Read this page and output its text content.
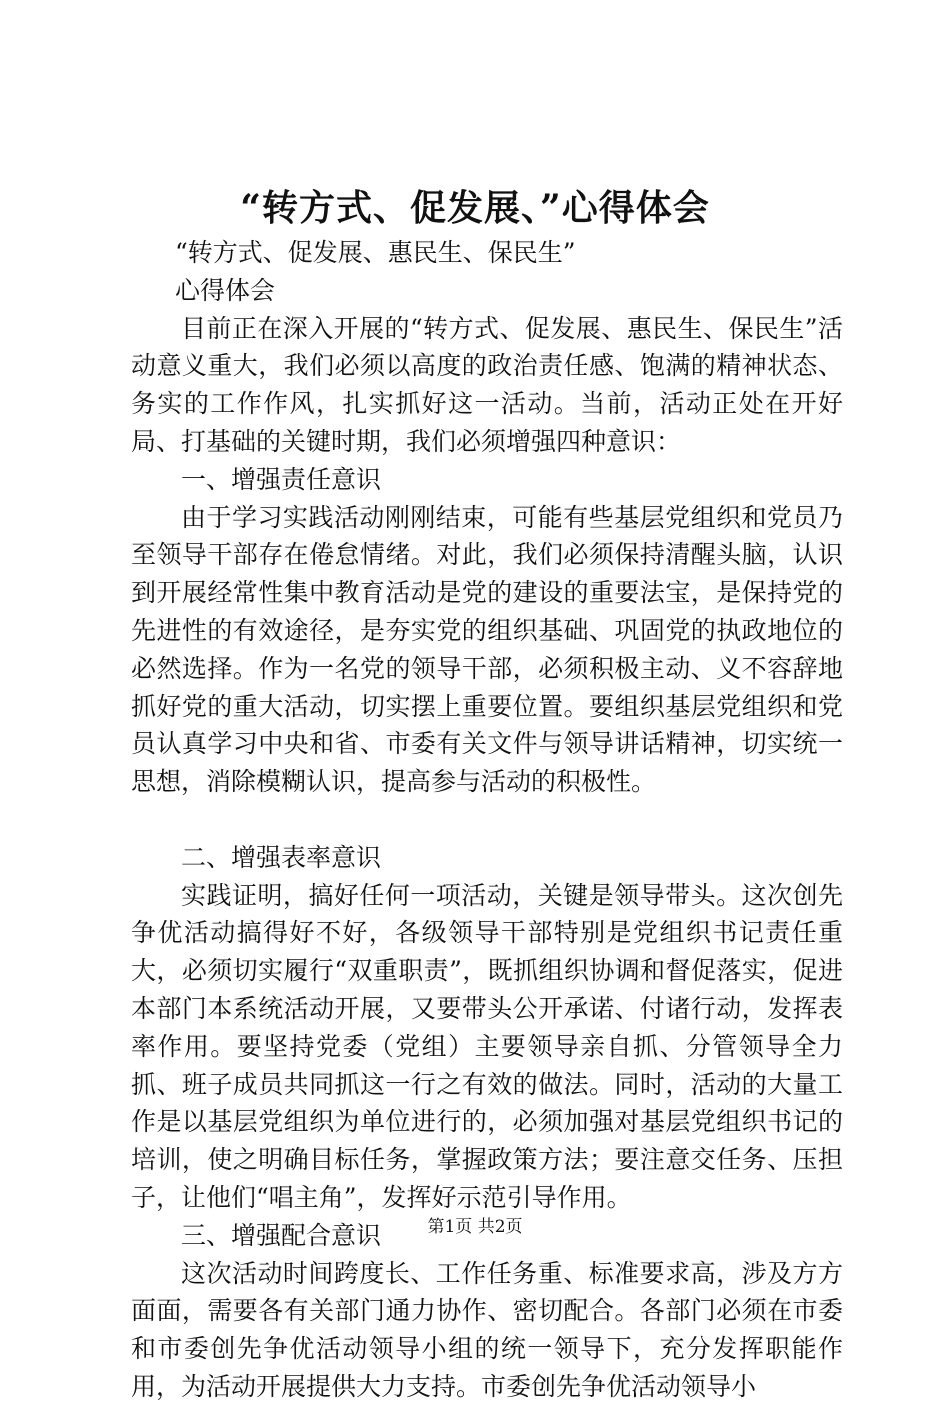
“转方式、促发展、”心得体会

“转方式、促发展、惠民生、保民生”

心得体会

目前正在深入开展的“转方式、促发展、惠民生、保民生”活动意义重大，我们必须以高度的政治责任感、饱满的精神状态、务实的工作作风，扎实抓好这一活动。当前，活动正处在开好局、打基础的关键时期，我们必须增强四种意识：

一、增强责任意识

由于学习实践活动刚刚结束，可能有些基层党组织和党员乃至领导干部存在倦怠情绪。对此，我们必须保持清醒头脑，认识到开展经常性集中教育活动是党的建设的重要法宝，是保持党的先进性的有效途径，是夯实党的组织基础、巩固党的执政地位的必然选择。作为一名党的领导干部，必须积极主动、义不容辞地抓好党的重大活动，切实摆上重要位置。要组织基层党组织和党员认真学习中央和省、市委有关文件与领导讲话精神，切实统一思想，消除模糊认识，提高参与活动的积极性。

二、增强表率意识

实践证明，搞好任何一项活动，关键是领导带头。这次创先争优活动搞得好不好，各级领导干部特别是党组织书记责任重大，必须切实履行“双重职责”，既抓组织协调和督促落实，促进本部门本系统活动开展，又要带头公开承诺、付诸行动，发挥表率作用。要坚持党委（党组）主要领导亲自抓、分管领导全力抓、班子成员共同抓这一行之有效的做法。同时，活动的大量工作是以基层党组织为单位进行的，必须加强对基层党组织书记的培训，使之明确目标任务，掌握政策方法；要注意交任务、压担子，让他们“唱主角”，发挥好示范引导作用。

三、增强配合意识

这次活动时间跨度长、工作任务重、标准要求高，涉及方方面面，需要各有关部门通力协作、密切配合。各部门必须在市委和市委创先争优活动领导小组的统一领导下，充分发挥职能作用，为活动开展提供大力支持。市委创先争优活动领导小

第1页 共2页
